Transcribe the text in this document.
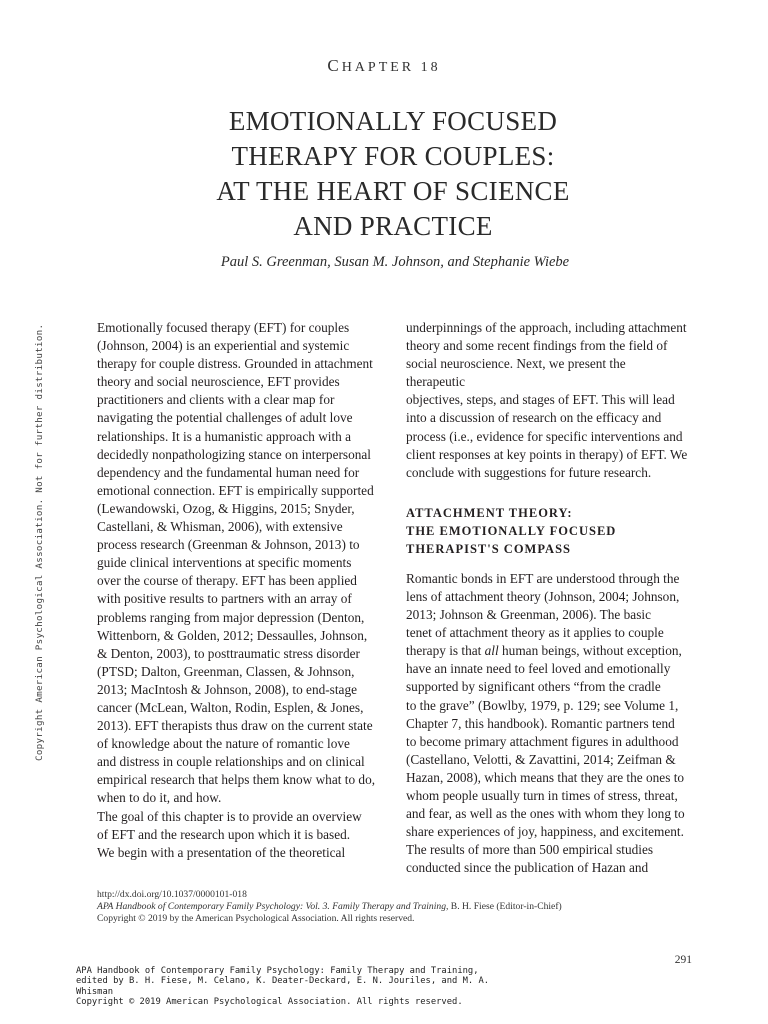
CHAPTER 18
EMOTIONALLY FOCUSED
THERAPY FOR COUPLES:
AT THE HEART OF SCIENCE
AND PRACTICE
Paul S. Greenman, Susan M. Johnson, and Stephanie Wiebe
Copyright American Psychological Association. Not for further distribution.	Emotionally focused therapy (EFT) for couples
(Johnson, 2004) is an experiential and systemic
therapy for couple distress. Grounded in attachment
theory and social neuroscience, EFT provides
practitioners and clients with a clear map for
navigating the potential challenges of adult love
relationships. It is a humanistic approach with a
decidedly nonpathologizing stance on interpersonal
dependency and the fundamental human need for
emotional connection. EFT is empirically supported
(Lewandowski, Ozog, & Higgins, 2015; Snyder,
Castellani, & Whisman, 2006), with extensive
process research (Greenman & Johnson, 2013) to
guide clinical interventions at specific moments
over the course of therapy. EFT has been applied
with positive results to partners with an array of
problems ranging from major depression (Denton,
Wittenborn, & Golden, 2012; Dessaulles, Johnson,
& Denton, 2003), to posttraumatic stress disorder
(PTSD; Dalton, Greenman, Classen, & Johnson,
2013; MacIntosh & Johnson, 2008), to end-stage
cancer (McLean, Walton, Rodin, Esplen, & Jones,
2013). EFT therapists thus draw on the current state
of knowledge about the nature of romantic love
and distress in couple relationships and on clinical
empirical research that helps them know what to do,
when to do it, and how.

The goal of this chapter is to provide an overview
of EFT and the research upon which it is based.
We begin with a presentation of the theoretical

underpinnings of the approach, including attachment
theory and some recent findings from the field of
social neuroscience. Next, we present the therapeutic
objectives, steps, and stages of EFT. This will lead
into a discussion of research on the efficacy and
process (i.e., evidence for specific interventions and
client responses at key points in therapy) of EFT. We
conclude with suggestions for future research.

ATTACHMENT THEORY:
THE EMOTIONALLY FOCUSED
THERAPIST'S COMPASS

Romantic bonds in EFT are understood through the
lens of attachment theory (Johnson, 2004; Johnson,
2013; Johnson & Greenman, 2006). The basic
tenet of attachment theory as it applies to couple
therapy is that all human beings, without exception,
have an innate need to feel loved and emotionally
supported by significant others “from the cradle
to the grave” (Bowlby, 1979, p. 129; see Volume 1,
Chapter 7, this handbook). Romantic partners tend
to become primary attachment figures in adulthood
(Castellano, Velotti, & Zavattini, 2014; Zeifman &
Hazan, 2008), which means that they are the ones to
whom people usually turn in times of stress, threat,
and fear, as well as the ones with whom they long to
share experiences of joy, happiness, and excitement.

The results of more than 500 empirical studies
conducted since the publication of Hazan and

http://dx.doi.org/10.1037/0000101-018
APA Handbook of Contemporary Family Psychology: Vol. 3. Family Therapy and Training, B. H. Fiese (Editor-in-Chief)
Copyright © 2019 by the American Psychological Association. All rights reserved.
291
APA Handbook of Contemporary Family Psychology: Family Therapy and Training,
edited by B. H. Fiese, M. Celano, K. Deater-Deckard, E. N. Jouriles, and M. A.
Whisman
Copyright © 2019 American Psychological Association. All rights reserved.
